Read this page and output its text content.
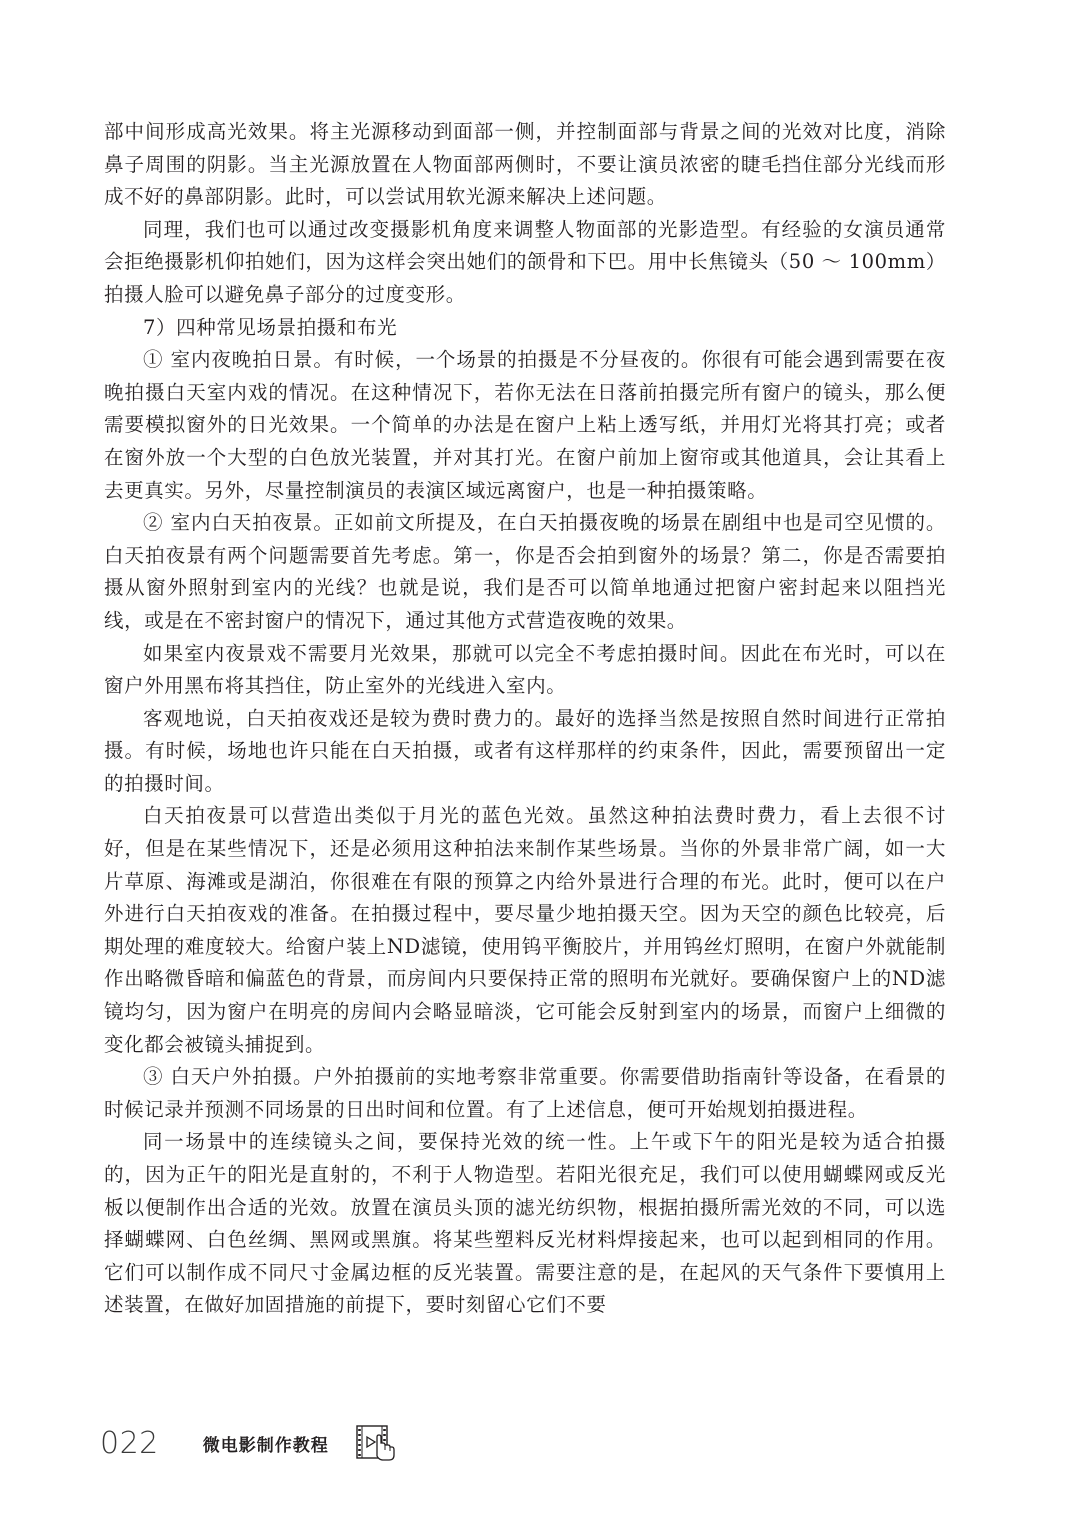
部中间形成高光效果。将主光源移动到面部一侧，并控制面部与背景之间的光效对比度，消除鼻子周围的阴影。当主光源放置在人物面部两侧时，不要让演员浓密的睫毛挡住部分光线而形成不好的鼻部阴影。此时，可以尝试用软光源来解决上述问题。

同理，我们也可以通过改变摄影机角度来调整人物面部的光影造型。有经验的女演员通常会拒绝摄影机仰拍她们，因为这样会突出她们的颌骨和下巴。用中长焦镜头（50 ～ 100mm）拍摄人脸可以避免鼻子部分的过度变形。

7）四种常见场景拍摄和布光

① 室内夜晚拍日景。有时候，一个场景的拍摄是不分昼夜的。你很有可能会遇到需要在夜晚拍摄白天室内戏的情况。在这种情况下，若你无法在日落前拍摄完所有窗户的镜头，那么便需要模拟窗外的日光效果。一个简单的办法是在窗户上粘上透写纸，并用灯光将其打亮；或者在窗外放一个大型的白色放光装置，并对其打光。在窗户前加上窗帘或其他道具，会让其看上去更真实。另外，尽量控制演员的表演区域远离窗户，也是一种拍摄策略。

② 室内白天拍夜景。正如前文所提及，在白天拍摄夜晚的场景在剧组中也是司空见惯的。白天拍夜景有两个问题需要首先考虑。第一，你是否会拍到窗外的场景？第二，你是否需要拍摄从窗外照射到室内的光线？也就是说，我们是否可以简单地通过把窗户密封起来以阻挡光线，或是在不密封窗户的情况下，通过其他方式营造夜晚的效果。

如果室内夜景戏不需要月光效果，那就可以完全不考虑拍摄时间。因此在布光时，可以在窗户外用黑布将其挡住，防止室外的光线进入室内。

客观地说，白天拍夜戏还是较为费时费力的。最好的选择当然是按照自然时间进行正常拍摄。有时候，场地也许只能在白天拍摄，或者有这样那样的约束条件，因此，需要预留出一定的拍摄时间。

白天拍夜景可以营造出类似于月光的蓝色光效。虽然这种拍法费时费力，看上去很不讨好，但是在某些情况下，还是必须用这种拍法来制作某些场景。当你的外景非常广阔，如一大片草原、海滩或是湖泊，你很难在有限的预算之内给外景进行合理的布光。此时，便可以在户外进行白天拍夜戏的准备。在拍摄过程中，要尽量少地拍摄天空。因为天空的颜色比较亮，后期处理的难度较大。给窗户装上ND滤镜，使用钨平衡胶片，并用钨丝灯照明，在窗户外就能制作出略微昏暗和偏蓝色的背景，而房间内只要保持正常的照明布光就好。要确保窗户上的ND滤镜均匀，因为窗户在明亮的房间内会略显暗淡，它可能会反射到室内的场景，而窗户上细微的变化都会被镜头捕捉到。

③ 白天户外拍摄。户外拍摄前的实地考察非常重要。你需要借助指南针等设备，在看景的时候记录并预测不同场景的日出时间和位置。有了上述信息，便可开始规划拍摄进程。

同一场景中的连续镜头之间，要保持光效的统一性。上午或下午的阳光是较为适合拍摄的，因为正午的阳光是直射的，不利于人物造型。若阳光很充足，我们可以使用蝴蝶网或反光板以便制作出合适的光效。放置在演员头顶的滤光纺织物，根据拍摄所需光效的不同，可以选择蝴蝶网、白色丝绸、黑网或黑旗。将某些塑料反光材料焊接起来，也可以起到相同的作用。它们可以制作成不同尺寸金属边框的反光装置。需要注意的是，在起风的天气条件下要慎用上述装置，在做好加固措施的前提下，要时刻留心它们不要

022	微电影制作教程
